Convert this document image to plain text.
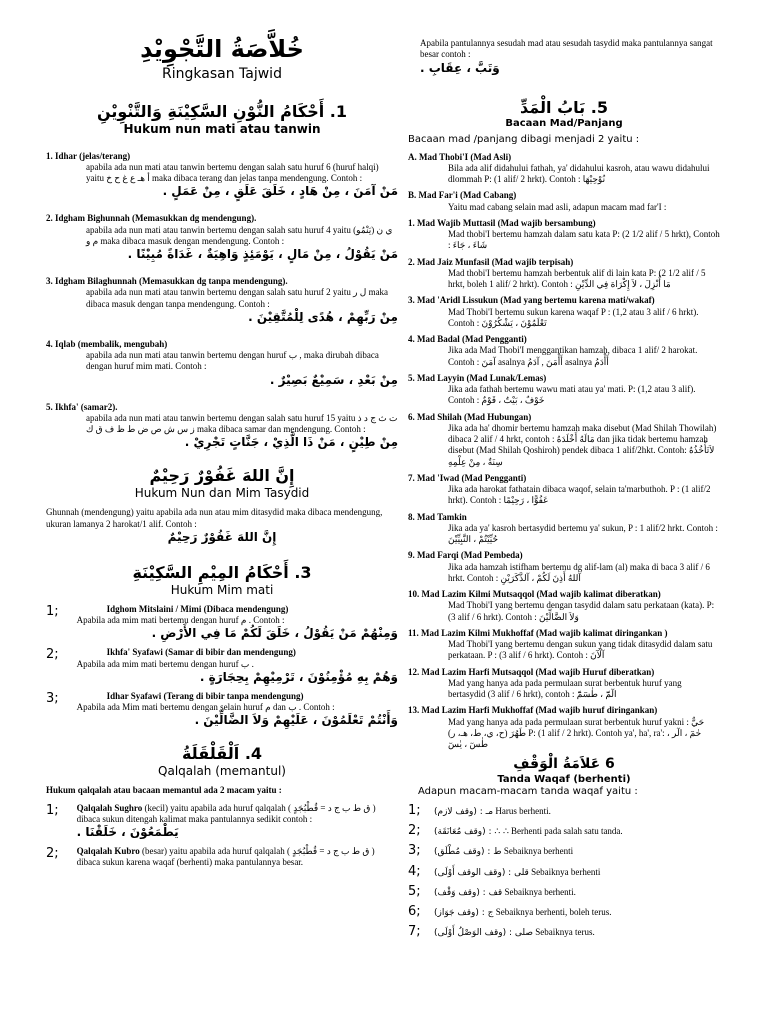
خُلاَّصَةُ التَّجْوِيْدِ
Ringkasan Tajwid
1. أَحْكَامُ النُّوْنِ السَّكِيْنَةِ وَالتَّنْوِيْنِ
Hukum nun mati atau tanwin
1. Idhar (jelas/terang)
apabila ada nun mati atau tanwin bertemu dengan salah satu huruf 6 (huruf halqi) yaitu أ هـ ع غ ح خ maka dibaca terang dan jelas tanpa mendengung. Contoh :
مَنْ آمَنَ ، مِنْ هَادٍ ، خَلَقَ عَلَقٍ ، مِنْ عَمَلٍ .
2. Idgham Bighunnah (Memasukkan dg mendengung).
apabila ada nun mati atau tanwin bertemu dengan salah satu huruf 4 yaitu (يَنْمُو) ي ن م و maka dibaca masuk dengan mendengung. Contoh :
مَنْ يَقُوْلُ ، مِنْ مَالٍ ، يَوْمَئِذٍ وَاهِيَةٌ ، غَدَاةً مُبِيْنًا .
3. Idgham Bilaghunnah (Memasukkan dg tanpa mendengung).
apabila ada nun mati atau tanwin bertemu dengan salah satu huruf 2 yaitu ل ر maka dibaca masuk dengan tanpa mendengung. Contoh :
مِنْ رَبِّهِمْ ، هُدًى لِلْمُتَّقِيْنَ .
4. Iqlab (membalik, mengubah)
apabila ada nun mati atau tanwin bertemu dengan huruf ب , maka dirubah dibaca dengan huruf mim mati. Contoh :
مِنْ بَعْدِ ، سَمِيْعٌ بَصِيْرٌ .
5. Ikhfa' (samar2).
apabila ada nun mati atau tanwin bertemu dengan salah satu huruf 15 yaitu ت ث ج د ذ ز س ش ص ض ط ظ ف ق ك maka dibaca samar dan mendengung. Contoh :
مِنْ طِيْنٍ ، مَنْ ذَا الَّذِيْ ، جَنَّاتٍ تَجْرِيْ .
إِنَّ اللهَ غَفُوْرٌ رَحِيْمٌ
Hukum Nun dan Mim Tasydid
Ghunnah (mendengung) yaitu apabila ada nun atau mim ditasydid maka dibaca mendengung, ukuran lamanya 2 harokat/1 alif. Contoh :
إِنَّ اللهَ غَفُوْرٌ رَحِيْمٌ
3. أَحْكَامُ المِيْمِ السَّكِيْنَةِ
Hukum Mim mati
1;	Idghom Mitslaini / Mimi (Dibaca mendengung)
Apabila ada mim mati bertemu dengan huruf م . Contoh :
وَمِنْهُمْ مَنْ يَقُوْلُ ، خَلَقَ لَكُمْ مَا فِي الأَرْضِ .
2;	Ikhfa' Syafawi (Samar di bibir dan mendengung)
Apabila ada mim mati bertemu dengan huruf ب .
وَهُمْ بِهِ مُؤْمِنُوْنَ ، تَرْمِيْهِمْ بِحِجَارَةٍ .
3;	Idhar Syafawi (Terang di bibir tanpa mendengung)
Apabila ada Mim mati bertemu dengan selain huruf م dan ب . Contoh :
وَأَنْتُمْ تَعْلَمُوْنَ ، عَلَيْهِمْ وَلاَ الضَّالِّيْنَ .
4. اَلْقَلْقَلَةُ
Qalqalah (memantul)
Hukum qalqalah atau bacaan memantul ada 2 macam yaitu :
1; Qalqalah Sughro (kecil) yaitu apabila ada huruf qalqalah ( ق ط ب ج د = قُطْبُجَدٍ ) dibaca sukun ditengah kalimat maka pantulannya sedikit contoh :
يَطْمَعُوْنَ ، خَلَقْنَا .
2; Qalqalah Kubro (besar) yaitu apabila ada huruf qalqalah ( ق ط ب ج د = قُطْبُجَدٍ ) dibaca sukun karena waqaf (berhenti) maka pantulannya besar.
Apabila pantulannya sesudah mad atau sesudah tasydid maka pantulannya sangat besar contoh :
وَتَبَّ ، عِقَابِ .
5. بَابُ الْمَدِّ
Bacaan Mad/Panjang
Bacaan mad /panjang dibagi menjadi 2 yaitu :
A. Mad Thobi'I (Mad Asli)
Bila ada alif didahului fathah, ya' didahului kasroh, atau wawu didahului dlommah P: (1 alif/ 2 hrkt). Contoh : نُوْحِيْهَا
B. Mad Far'i (Mad Cabang)
Yaitu mad cabang selain mad asli, adapun macam mad far'I :
1. Mad Wajib Muttasil (Mad wajib bersambung)
Mad thobi'I bertemu hamzah dalam satu kata P: (2 1/2 alif / 5 hrkt), Contoh : شَاءَ ، جَاءَ
2. Mad Jaiz Munfasil (Mad wajib terpisah)
Mad thobi'I bertemu hamzah berbentuk alif di lain kata P: (2 1/2 alif / 5 hrkt, boleh 1 alif/ 2 hrkt). Contoh : مَا أُنْزِلَ ، لاَ إِكْرَاهَ فِي الدِّيْنِ
3. Mad 'Aridl Lissukun (Mad yang bertemu karena mati/wakaf)
Mad Thobi'I bertemu sukun karena waqaf P : (1,2 atau 3 alif / 6 hrkt). Contoh : تَعْلَمُوْنَ ، يَشْكُرُوْنَ
4. Mad Badal (Mad Pengganti)
Jika ada Mad Thobi'I menggantikan hamzah, dibaca 1 alif/ 2 harokat. Contoh : آمَنَ asalnya أَأْمَنَ , آدَمُ asalnya أَأْدَمُ
5. Mad Layyin (Mad Lunak/Lemas)
Jika ada fathah bertemu wawu mati atau ya' mati. P: (1,2 atau 3 alif). Contoh : خَوْفٌ ، بَيْتٌ ، قَوْمٌ
6. Mad Shilah (Mad Hubungan)
Jika ada ha' dhomir bertemu hamzah maka disebut (Mad Shilah Thowilah) dibaca 2 alif / 4 hrkt, contoh : مَالَهُ أَخْلَدَهُ dan jika tidak bertemu hamzah disebut (Mad Shilah Qoshiroh) pendek dibaca 1 alif/2hkt. Contoh: لاَتَأْخُذُهُ سِنَةٌ ، مِنْ عِلْمِهِ
7. Mad 'Iwad (Mad Pengganti)
Jika ada harokat fathatain dibaca waqof, selain ta'marbuthoh. P : (1 alif/2 hrkt). Contoh : عَفُوًّا ، رَحِيْمًا
8. Mad Tamkin
Jika ada ya' kasroh bertasydid bertemu ya' sukun, P : 1 alif/2 hrkt. Contoh : حُيِّيْتُمْ ، النَّبِيِّيْنَ
9. Mad Farqi (Mad Pembeda)
Jika ada hamzah istifham bertemu dg alif-lam (al) maka di baca 3 alif / 6 hrkt. Contoh : آللهُ أَذِنَ لَكُمْ ، آلذَّكَرَيْنِ
10. Mad Lazim Kilmi Mutsaqqol (Mad wajib kalimat diberatkan)
Mad Thobi'I yang bertemu dengan tasydid dalam satu perkataan (kata). P: (3 alif / 6 hrkt). Contoh : وَلاَ الضَّالِّيْنَ
11. Mad Lazim Kilmi Mukhoffaf (Mad wajib kalimat diringankan )
Mad Thobi'I yang bertemu dengan sukun yang tidak ditasydid dalam satu perkataan. P : (3 alif / 6 hrkt). Contoh : آلْآنَ
12. Mad Lazim Harfi Mutsaqqol (Mad wajib Huruf diberatkan)
Mad yang hanya ada pada permulaan surat berbentuk huruf yang bertasydid (3 alif / 6 hrkt), contoh : الٓمّٓ ، طٰسٓمّٓ
13. Mad Lazim Harfi Mukhoffaf (Mad wajib huruf diringankan)
Mad yang hanya ada pada permulaan surat berbentuk huruf yakni : حَيٌّ طَهُرَ (ح، ي، ط، هـ، ر) P: (1 alif / 2 hrkt). Contoh ya', ha', ra': حٰمٓ ، الٓر ، طٰسٓ ، يٰسٓ
6 عَلاَمَةُ الْوَقْفِ
Tanda Waqaf (berhenti)
Adapun macam-macam tanda waqaf yaitu :
1; (وقف لازم) : مـ Harus berhenti.
2; (وقف مُعَانَقَة) : ∴ ∴ Berhenti pada salah satu tanda.
3; (وقف مُطْلَق) : ط Sebaiknya berhenti
4; (وقف الوقف أَوْلَى) : قلى Sebaiknya berhenti
5; (وقف وَقْف) : قف Sebaiknya berhenti.
6; (وقف جَوَاز) : ج Sebaiknya berhenti, boleh terus.
7; (وقف الوَصْلُ أَوْلَى) : صلى Sebaiknya terus.
